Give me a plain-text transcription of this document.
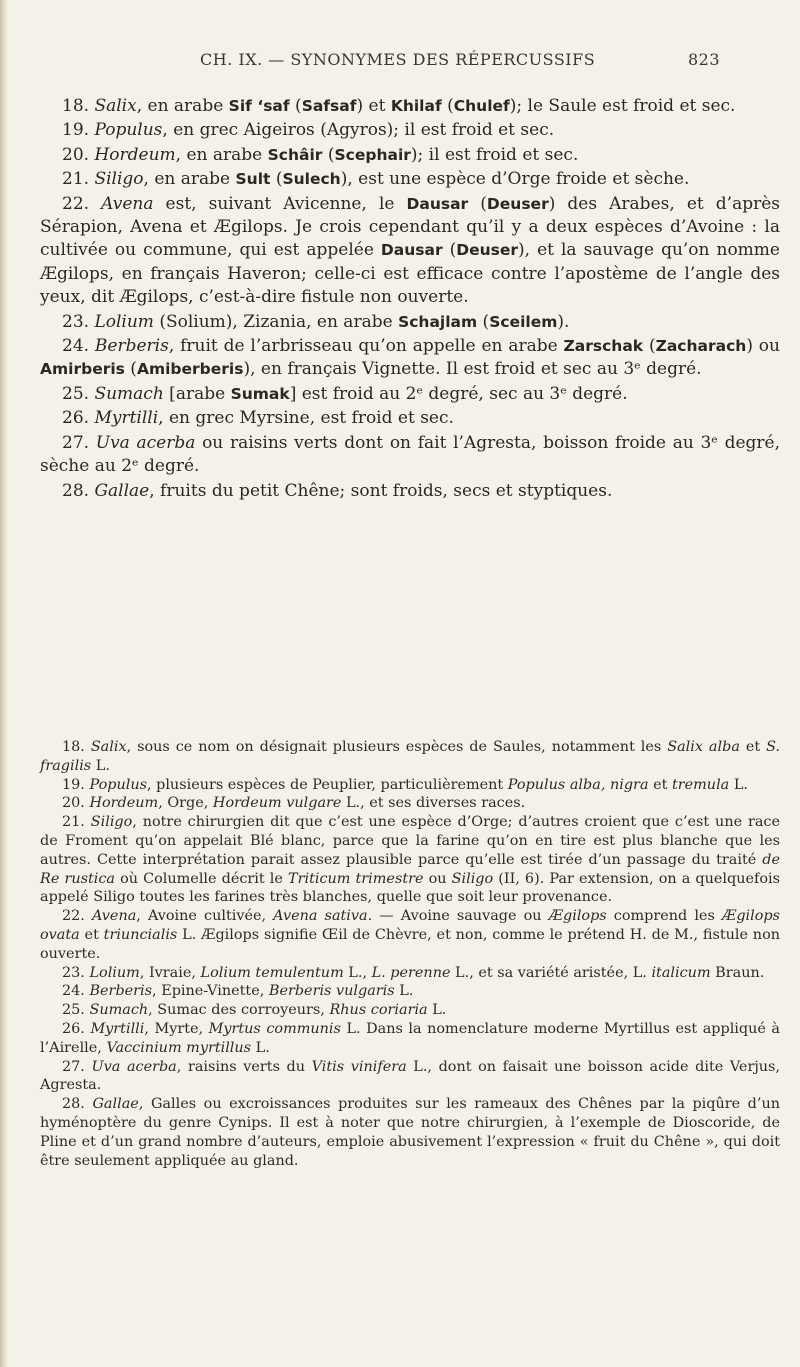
CH. IX. — SYNONYMES DES RÉPERCUSSIFS	823

18. Salix, en arabe Sif ‘saf (Safsaf) et Khilaf (Chulef); le Saule est froid et sec.

19. Populus, en grec Aigeiros (Agyros); il est froid et sec.

20. Hordeum, en arabe Schâir (Scephair); il est froid et sec.

21. Siligo, en arabe Sult (Sulech), est une espèce d’Orge froide et sèche.

22. Avena est, suivant Avicenne, le Dausar (Deuser) des Arabes, et d’après Sérapion, Avena et Ægilops. Je crois cependant qu’il y a deux espèces d’Avoine : la cultivée ou commune, qui est appelée Dausar (Deuser), et la sauvage qu’on nomme Ægilops, en français Haveron; celle-ci est efficace contre l’apostème de l’angle des yeux, dit Ægilops, c’est-à-dire fistule non ouverte.

23. Lolium (Solium), Zizania, en arabe Schajlam (Sceilem).

24. Berberis, fruit de l’arbrisseau qu’on appelle en arabe Zarschak (Zacharach) ou Amirberis (Amiberberis), en français Vignette. Il est froid et sec au 3ᵉ degré.

25. Sumach [arabe Sumak] est froid au 2ᵉ degré, sec au 3ᵉ degré.

26. Myrtilli, en grec Myrsine, est froid et sec.

27. Uva acerba ou raisins verts dont on fait l’Agresta, boisson froide au 3ᵉ degré, sèche au 2ᵉ degré.

28. Gallae, fruits du petit Chêne; sont froids, secs et styptiques.

18. Salix, sous ce nom on désignait plusieurs espèces de Saules, notamment les Salix alba et S. fragilis L.

19. Populus, plusieurs espèces de Peuplier, particulièrement Populus alba, nigra et tremula L.

20. Hordeum, Orge, Hordeum vulgare L., et ses diverses races.

21. Siligo, notre chirurgien dit que c’est une espèce d’Orge; d’autres croient que c’est une race de Froment qu’on appelait Blé blanc, parce que la farine qu’on en tire est plus blanche que les autres. Cette interprétation parait assez plausible parce qu’elle est tirée d’un passage du traité de Re rustica où Columelle décrit le Triticum trimestre ou Siligo (II, 6). Par extension, on a quelquefois appelé Siligo toutes les farines très blanches, quelle que soit leur provenance.

22. Avena, Avoine cultivée, Avena sativa. — Avoine sauvage ou Ægilops comprend les Ægilops ovata et triuncialis L. Ægilops signifie Œil de Chèvre, et non, comme le prétend H. de M., fistule non ouverte.

23. Lolium, Ivraie, Lolium temulentum L., L. perenne L., et sa variété aristée, L. italicum Braun.

24. Berberis, Epine-Vinette, Berberis vulgaris L.

25. Sumach, Sumac des corroyeurs, Rhus coriaria L.

26. Myrtilli, Myrte, Myrtus communis L. Dans la nomenclature moderne Myrtillus est appliqué à l’Airelle, Vaccinium myrtillus L.

27. Uva acerba, raisins verts du Vitis vinifera L., dont on faisait une boisson acide dite Verjus, Agresta.

28. Gallae, Galles ou excroissances produites sur les rameaux des Chênes par la piqûre d’un hyménoptère du genre Cynips. Il est à noter que notre chirurgien, à l’exemple de Dioscoride, de Pline et d’un grand nombre d’auteurs, emploie abusivement l’expression « fruit du Chêne », qui doit être seulement appliquée au gland.
